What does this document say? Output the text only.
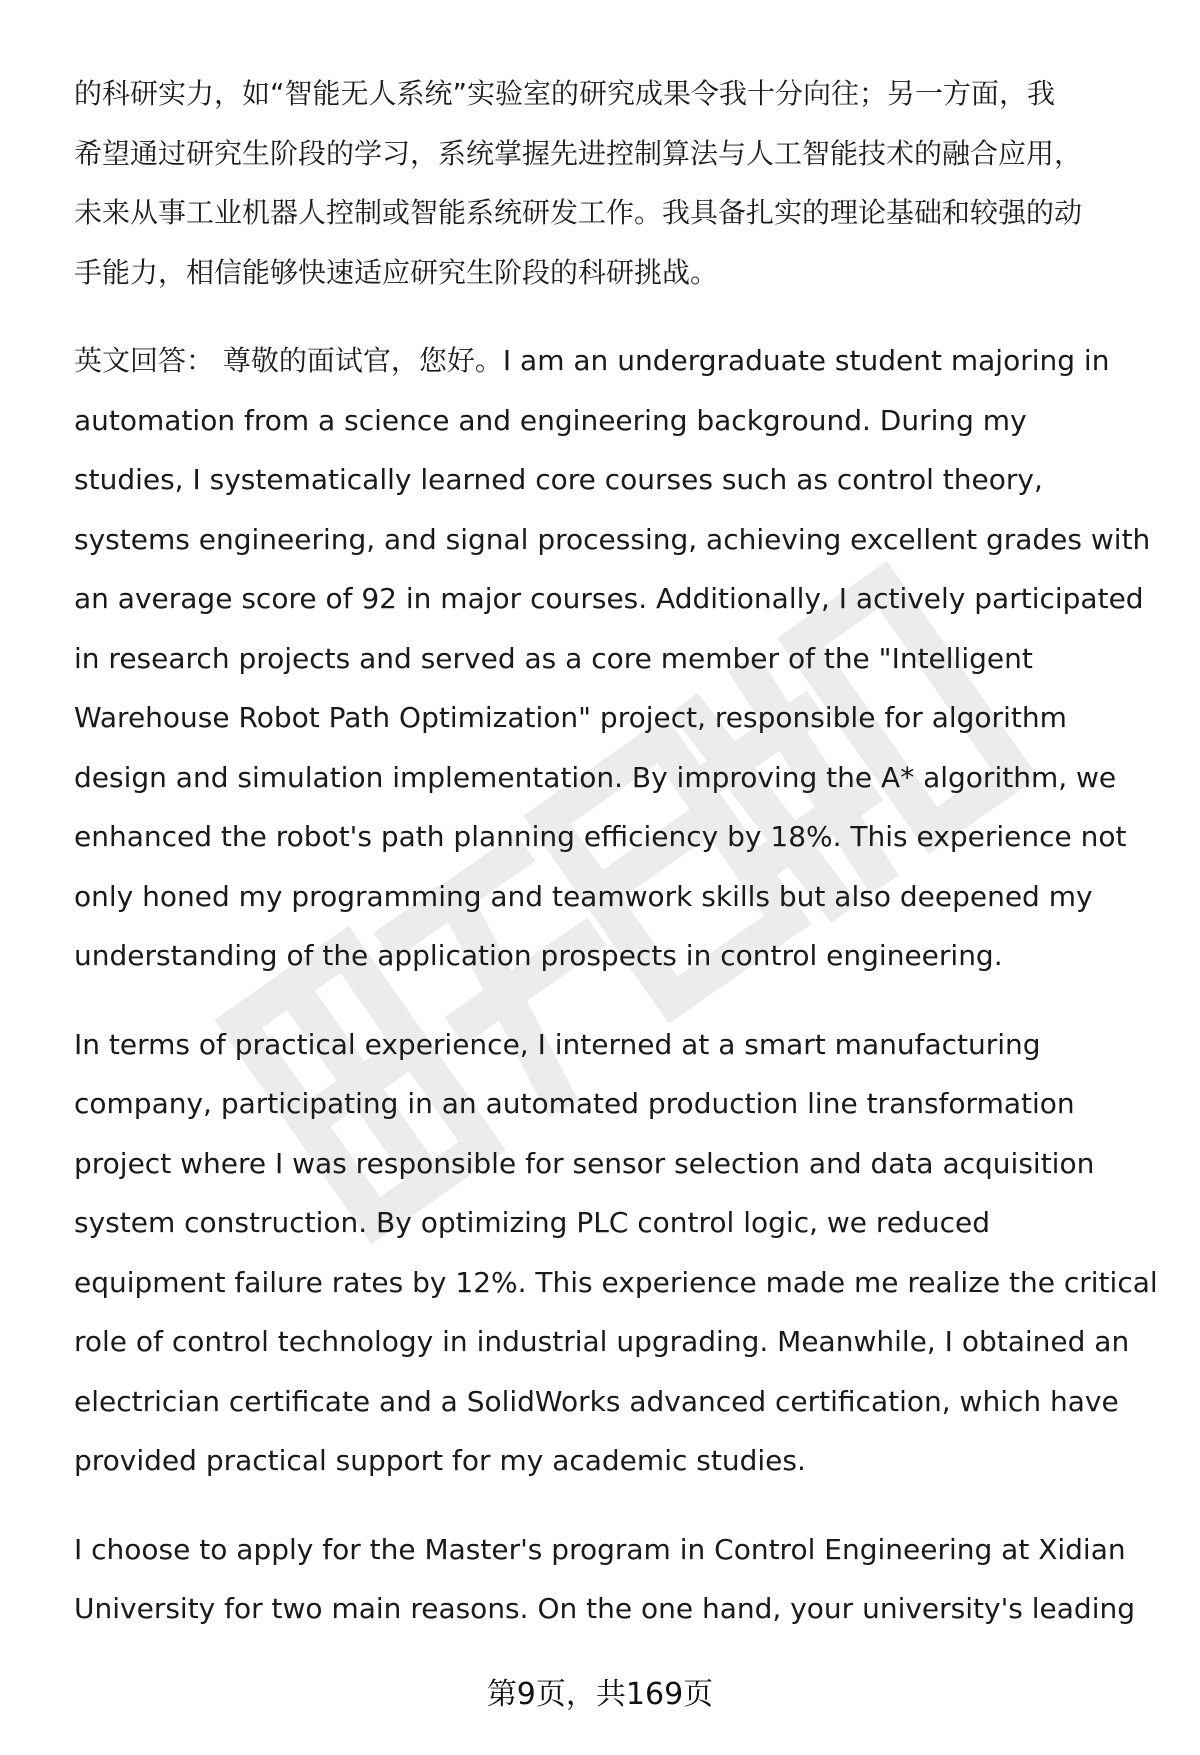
的科研实力，如“智能无人系统”实验室的研究成果令我十分向往；另一方面，我
希望通过研究生阶段的学习，系统掌握先进控制算法与人工智能技术的融合应用，
未来从事工业机器人控制或智能系统研发工作。我具备扎实的理论基础和较强的动
手能力，相信能够快速适应研究生阶段的科研挑战。

英文回答： 尊敬的面试官，您好。I am an undergraduate student majoring in
automation from a science and engineering background. During my
studies, I systematically learned core courses such as control theory,
systems engineering, and signal processing, achieving excellent grades with
an average score of 92 in major courses. Additionally, I actively participated
in research projects and served as a core member of the "Intelligent
Warehouse Robot Path Optimization" project, responsible for algorithm
design and simulation implementation. By improving the A* algorithm, we
enhanced the robot's path planning efficiency by 18%. This experience not
only honed my programming and teamwork skills but also deepened my
understanding of the application prospects in control engineering.

In terms of practical experience, I interned at a smart manufacturing
company, participating in an automated production line transformation
project where I was responsible for sensor selection and data acquisition
system construction. By optimizing PLC control logic, we reduced
equipment failure rates by 12%. This experience made me realize the critical
role of control technology in industrial upgrading. Meanwhile, I obtained an
electrician certificate and a SolidWorks advanced certification, which have
provided practical support for my academic studies.

I choose to apply for the Master's program in Control Engineering at Xidian
University for two main reasons. On the one hand, your university's leading

第9页，共169页
